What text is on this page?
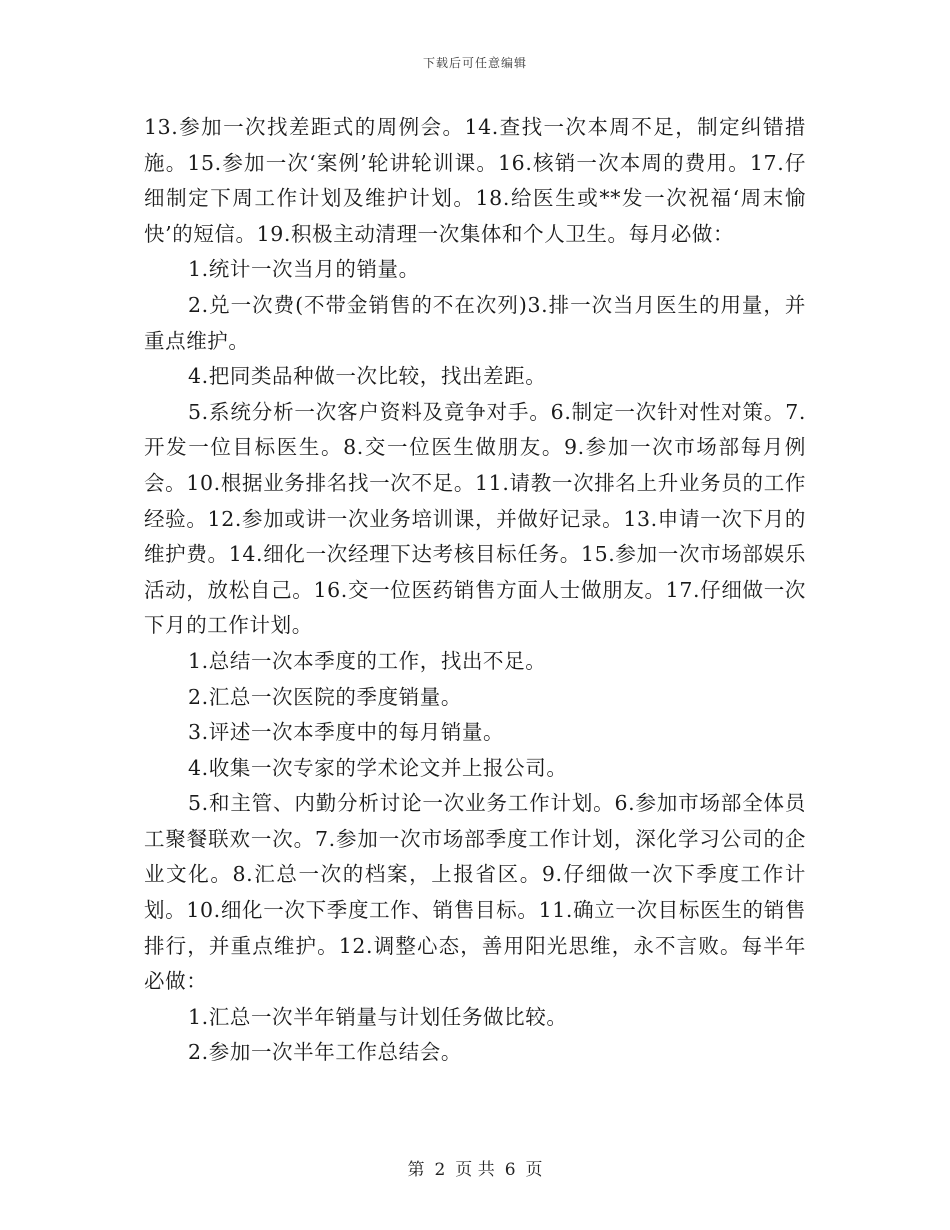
下载后可任意编辑

13.参加一次找差距式的周例会。14.查找一次本周不足，制定纠错措施。15.参加一次‘案例’轮讲轮训课。16.核销一次本周的费用。17.仔细制定下周工作计划及维护计划。18.给医生或**发一次祝福‘周末愉快’的短信。19.积极主动清理一次集体和个人卫生。每月必做：

1.统计一次当月的销量。

2.兑一次费(不带金销售的不在次列)3.排一次当月医生的用量，并重点维护。

4.把同类品种做一次比较，找出差距。

5.系统分析一次客户资料及竟争对手。6.制定一次针对性对策。7.开发一位目标医生。8.交一位医生做朋友。9.参加一次市场部每月例会。10.根据业务排名找一次不足。11.请教一次排名上升业务员的工作经验。12.参加或讲一次业务培训课，并做好记录。13.申请一次下月的维护费。14.细化一次经理下达考核目标任务。15.参加一次市场部娱乐活动，放松自己。16.交一位医药销售方面人士做朋友。17.仔细做一次下月的工作计划。

1.总结一次本季度的工作，找出不足。

2.汇总一次医院的季度销量。

3.评述一次本季度中的每月销量。

4.收集一次专家的学术论文并上报公司。

5.和主管、内勤分析讨论一次业务工作计划。6.参加市场部全体员工聚餐联欢一次。7.参加一次市场部季度工作计划，深化学习公司的企业文化。8.汇总一次的档案，上报省区。9.仔细做一次下季度工作计划。10.细化一次下季度工作、销售目标。11.确立一次目标医生的销售排行，并重点维护。12.调整心态，善用阳光思维，永不言败。每半年必做：

1.汇总一次半年销量与计划任务做比较。

2.参加一次半年工作总结会。

第 2 页 共 6 页
